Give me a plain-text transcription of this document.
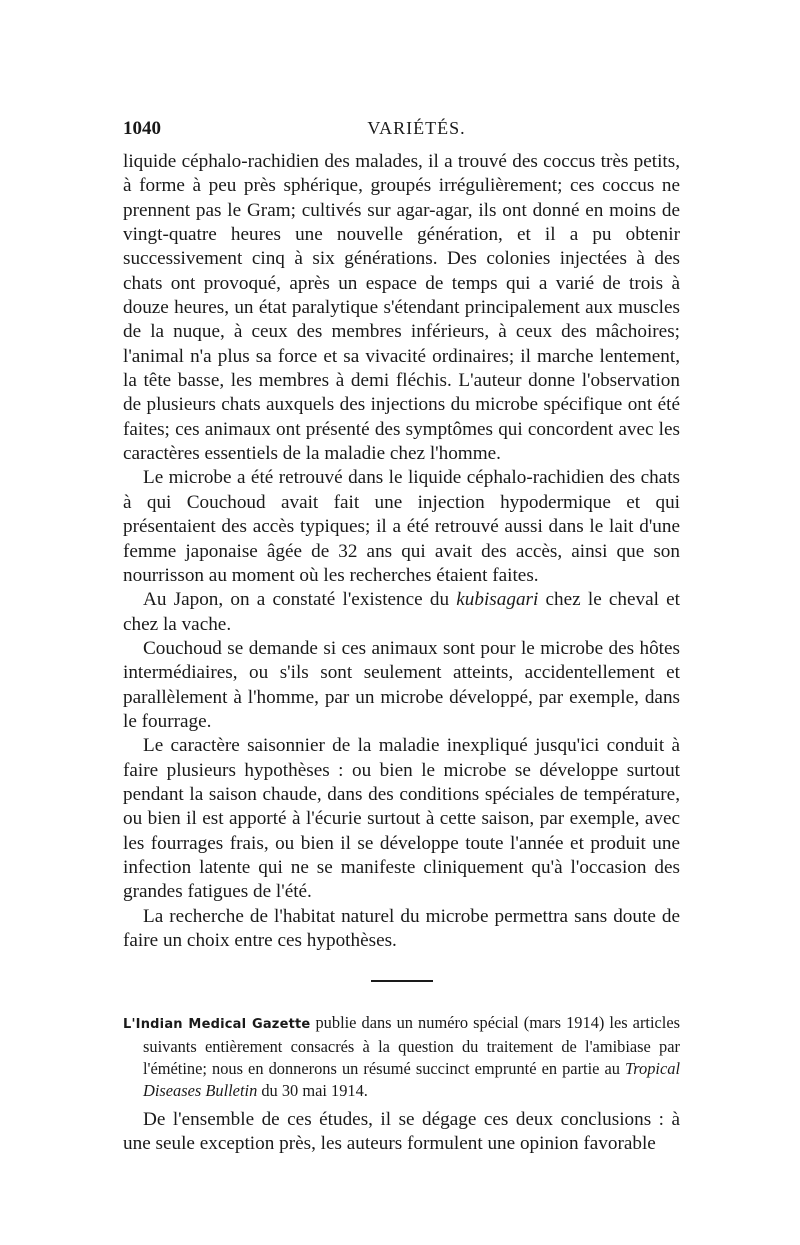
1040	VARIÉTÉS.

liquide céphalo-rachidien des malades, il a trouvé des coccus très petits, à forme à peu près sphérique, groupés irrégulièrement; ces coccus ne prennent pas le Gram; cultivés sur agar-agar, ils ont donné en moins de vingt-quatre heures une nouvelle génération, et il a pu obtenir successivement cinq à six générations. Des colonies injectées à des chats ont provoqué, après un espace de temps qui a varié de trois à douze heures, un état paralytique s'étendant principalement aux muscles de la nuque, à ceux des membres inférieurs, à ceux des mâchoires; l'animal n'a plus sa force et sa vivacité ordinaires; il marche lentement, la tête basse, les membres à demi fléchis. L'auteur donne l'observation de plusieurs chats auxquels des injections du microbe spécifique ont été faites; ces animaux ont présenté des symptômes qui concordent avec les caractères essentiels de la maladie chez l'homme.

Le microbe a été retrouvé dans le liquide céphalo-rachidien des chats à qui Couchoud avait fait une injection hypodermique et qui présentaient des accès typiques; il a été retrouvé aussi dans le lait d'une femme japonaise âgée de 32 ans qui avait des accès, ainsi que son nourrisson au moment où les recherches étaient faites.

Au Japon, on a constaté l'existence du kubisagari chez le cheval et chez la vache.

Couchoud se demande si ces animaux sont pour le microbe des hôtes intermédiaires, ou s'ils sont seulement atteints, accidentellement et parallèlement à l'homme, par un microbe développé, par exemple, dans le fourrage.

Le caractère saisonnier de la maladie inexpliqué jusqu'ici conduit à faire plusieurs hypothèses : ou bien le microbe se développe surtout pendant la saison chaude, dans des conditions spéciales de température, ou bien il est apporté à l'écurie surtout à cette saison, par exemple, avec les fourrages frais, ou bien il se développe toute l'année et produit une infection latente qui ne se manifeste cliniquement qu'à l'occasion des grandes fatigues de l'été.

La recherche de l'habitat naturel du microbe permettra sans doute de faire un choix entre ces hypothèses.

L'Indian Medical Gazette publie dans un numéro spécial (mars 1914) les articles suivants entièrement consacrés à la question du traitement de l'amibiase par l'émétine; nous en donnerons un résumé succinct emprunté en partie au Tropical Diseases Bulletin du 30 mai 1914.

De l'ensemble de ces études, il se dégage ces deux conclusions : à une seule exception près, les auteurs formulent une opinion favorable
